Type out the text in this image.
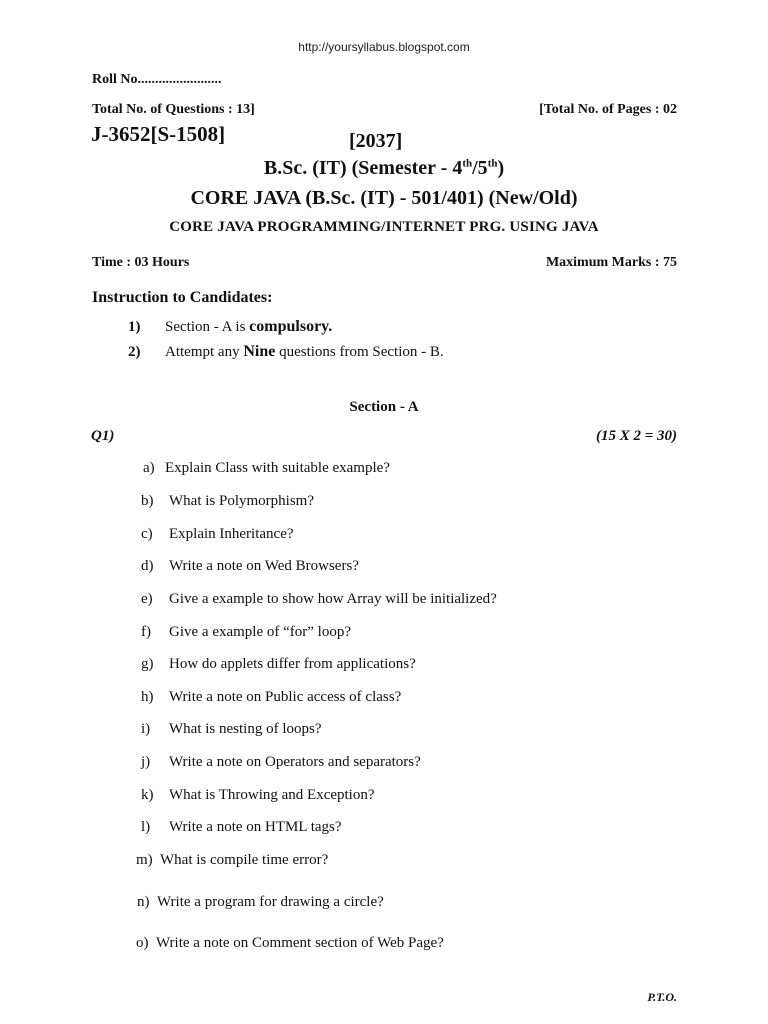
http://yoursyllabus.blogspot.com
Roll No........................
Total No. of Questions : 13]	[Total No. of Pages : 02
J-3652[S-1508]	[2037]
B.Sc. (IT) (Semester - 4th/5th)
CORE JAVA (B.Sc. (IT) - 501/401) (New/Old)
CORE JAVA PROGRAMMING/INTERNET PRG. USING JAVA
Time : 03 Hours	Maximum Marks : 75
Instruction to Candidates:
1) Section - A is compulsory.
2) Attempt any Nine questions from Section - B.
Section - A
Q1)	(15 X 2 = 30)
a) Explain Class with suitable example?
b) What is Polymorphism?
c) Explain Inheritance?
d) Write a note on Wed Browsers?
e) Give a example to show how Array will be initialized?
f) Give a example of “for” loop?
g) How do applets differ from applications?
h) Write a note on Public access of class?
i) What is nesting of loops?
j) Write a note on Operators and separators?
k) What is Throwing and Exception?
l) Write a note on HTML tags?
m) What is compile time error?
n) Write a program for drawing a circle?
o) Write a note on Comment section of Web Page?
P.T.O.
